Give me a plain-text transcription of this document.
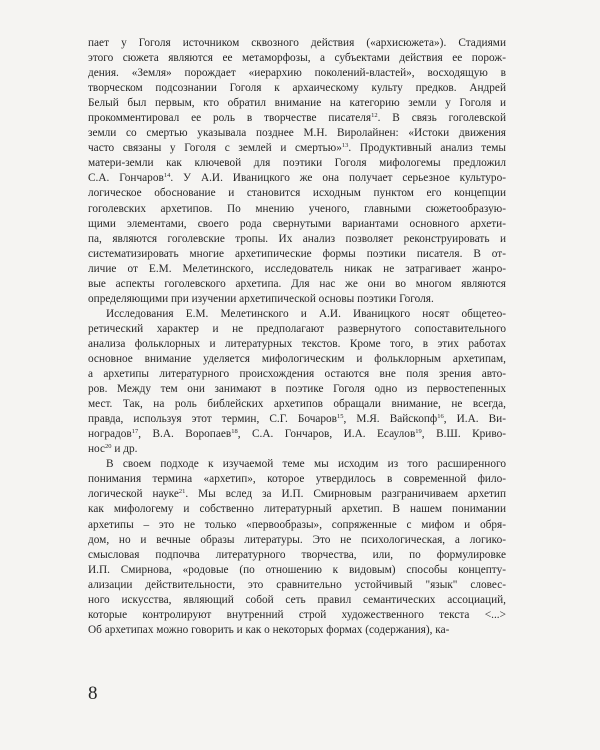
пает у Гоголя источником сквозного действия («архисюжета»). Стадиями
этого сюжета являются ее метаморфозы, а субъектами действия ее порож-
дения. «Земля» порождает «иерархию поколений-властей», восходящую в
творческом подсознании Гоголя к архаическому культу предков. Андрей
Белый был первым, кто обратил внимание на категорию земли у Гоголя и
прокомментировал ее роль в творчестве писателя$^{12}$. В связь гоголевской
земли со смертью указывала позднее М.Н. Виролайнен: «Истоки движения
часто связаны у Гоголя с землей и смертью»$^{13}$. Продуктивный анализ темы
матери-земли как ключевой для поэтики Гоголя мифологемы предложил
С.А. Гончаров$^{14}$. У А.И. Иваницкого же она получает серьезное культуро-
логическое обоснование и становится исходным пунктом его концепции
гоголевских архетипов. По мнению ученого, главными сюжетообразую-
щими элементами, своего рода свернутыми вариантами основного архети-
па, являются гоголевские тропы. Их анализ позволяет реконструировать и
систематизировать многие архетипические формы поэтики писателя. В от-
личие от Е.М. Мелетинского, исследователь никак не затрагивает жанро-
вые аспекты гоголевского архетипа. Для нас же они во многом являются
определяющими при изучении архетипической основы поэтики Гоголя.
Исследования Е.М. Мелетинского и А.И. Иваницкого носят общетео-
ретический характер и не предполагают развернутого сопоставительного
анализа фольклорных и литературных текстов. Кроме того, в этих работах
основное внимание уделяется мифологическим и фольклорным архетипам,
а архетипы литературного происхождения остаются вне поля зрения авто-
ров. Между тем они занимают в поэтике Гоголя одно из первостепенных
мест. Так, на роль библейских архетипов обращали внимание, не всегда,
правда, используя этот термин, С.Г. Бочаров$^{15}$, М.Я. Вайскопф$^{16}$, И.А. Ви-
ноградов$^{17}$, В.А. Воропаев$^{18}$, С.А. Гончаров, И.А. Есаулов$^{19}$, В.Ш. Криво-
нос$^{20}$ и др.
В своем подходе к изучаемой теме мы исходим из того расширенного
понимания термина «архетип», которое утвердилось в современной фило-
логической науке$^{21}$. Мы вслед за И.П. Смирновым разграничиваем архетип
как мифологему и собственно литературный архетип. В нашем понимании
архетипы – это не только «первообразы», сопряженные с мифом и обря-
дом, но и вечные образы литературы. Это не психологическая, а логико-
смысловая подпочва литературного творчества, или, по формулировке
И.П. Смирнова, «родовые (по отношению к видовым) способы концепту-
ализации действительности, это сравнительно устойчивый "язык" словес-
ного искусства, являющий собой сеть правил семантических ассоциаций,
которые контролируют внутренний строй художественного текста <...>
Об архетипах можно говорить и как о некоторых формах (содержания), ка-
8
